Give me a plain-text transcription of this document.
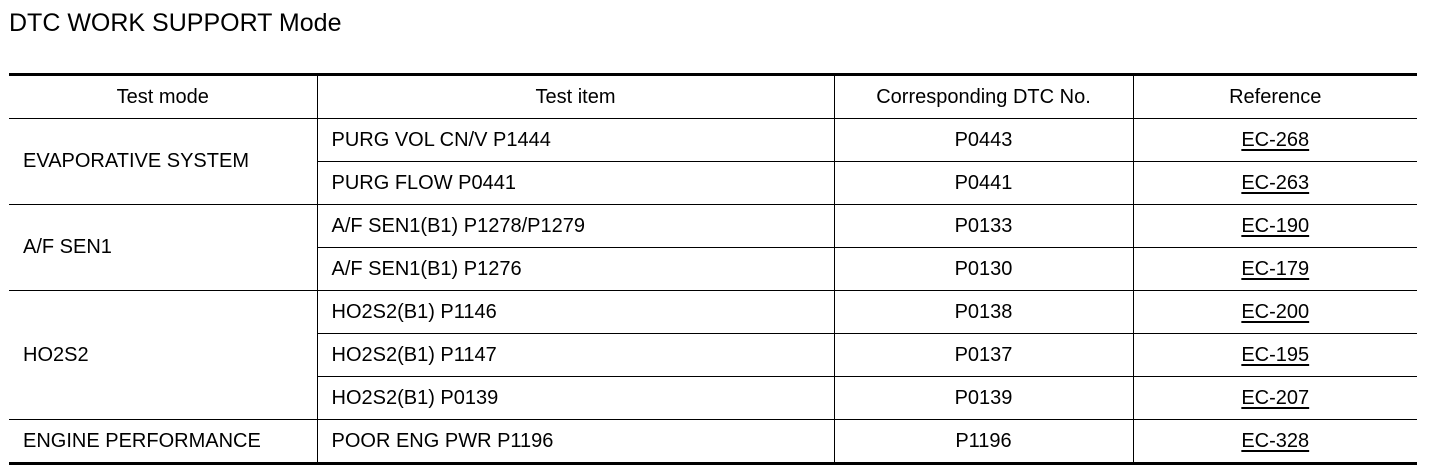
DTC WORK SUPPORT Mode
Test mode	Test item	Corresponding DTC No.	Reference
EVAPORATIVE SYSTEM	PURG VOL CN/V P1444	P0443	EC-268
	PURG FLOW P0441	P0441	EC-263
A/F SEN1	A/F SEN1(B1) P1278/P1279	P0133	EC-190
	A/F SEN1(B1) P1276	P0130	EC-179
HO2S2	HO2S2(B1) P1146	P0138	EC-200
	HO2S2(B1) P1147	P0137	EC-195
	HO2S2(B1) P0139	P0139	EC-207
ENGINE PERFORMANCE	POOR ENG PWR P1196	P1196	EC-328
